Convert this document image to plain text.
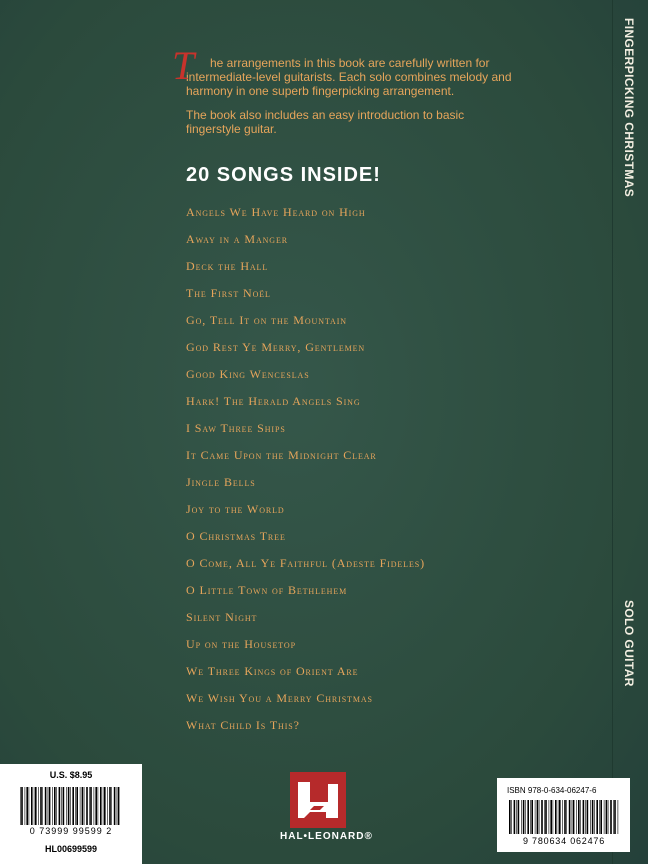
FINGERPICKING CHRISTMAS
SOLO GUITAR
T	he arrangements in this book are carefully written for intermediate-level guitarists. Each solo combines melody and harmony in one superb fingerpicking arrangement.

The book also includes an easy introduction to basic fingerstyle guitar.

20 SONGS INSIDE!
Angels We Have Heard on High
Away in a Manger
Deck the Hall
The First Noël
Go, Tell It on the Mountain
God Rest Ye Merry, Gentlemen
Good King Wenceslas
Hark! The Herald Angels Sing
I Saw Three Ships
It Came Upon the Midnight Clear
Jingle Bells
Joy to the World
O Christmas Tree
O Come, All Ye Faithful (Adeste Fideles)
O Little Town of Bethlehem
Silent Night
Up on the Housetop
We Three Kings of Orient Are
We Wish You a Merry Christmas
What Child Is This?
U.S. $8.95
0 73999 99599 2
HL00699599
HAL•LEONARD®
ISBN 978-0-634-06247-6
9 780634 062476
